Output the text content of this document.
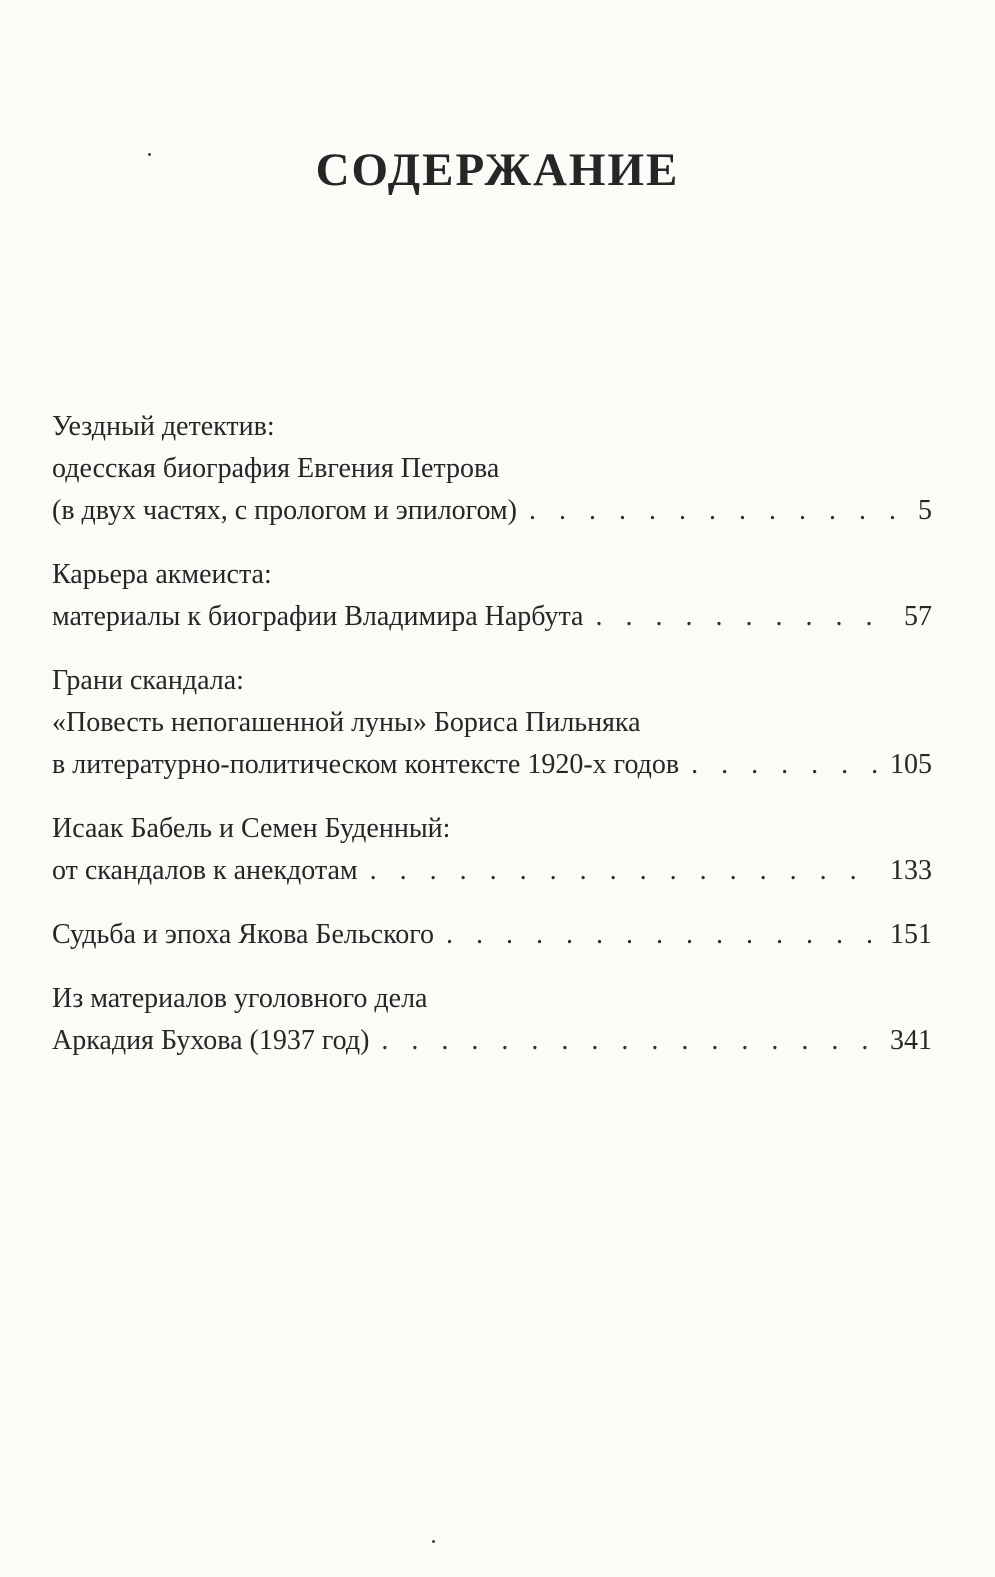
СОДЕРЖАНИЕ
Уездный детектив:
одесская биография Евгения Петрова
(в двух частях, с прологом и эпилогом) . . .	5
Карьера акмеиста:
материалы к биографии Владимира Нарбута . . .	57
Грани скандала:
«Повесть непогашенной луны» Бориса Пильняка
в литературно-политическом контексте 1920-х годов . . .	105
Исаак Бабель и Семен Буденный:
от скандалов к анекдотам . . .	133
Судьба и эпоха Якова Бельского . . .	151
Из материалов уголовного дела
Аркадия Бухова (1937 год) . . .	341
